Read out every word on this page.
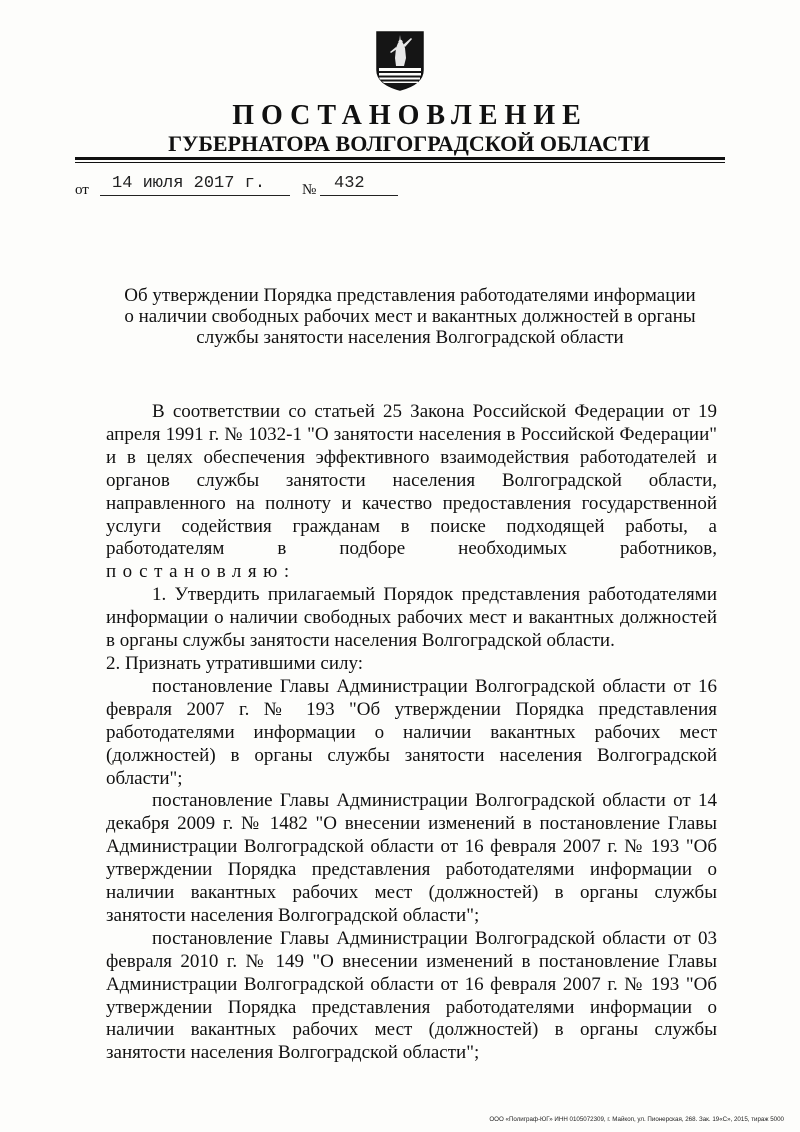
ПОСТАНОВЛЕНИЕ
ГУБЕРНАТОРА ВОЛГОГРАДСКОЙ ОБЛАСТИ
от	14 июля 2017 г.	№	432
Об утверждении Порядка представления работодателями информации
о наличии свободных рабочих мест и вакантных должностей в органы
службы занятости населения Волгоградской области

В соответствии со статьей 25 Закона Российской Федерации от 19 апреля 1991 г. № 1032-1 "О занятости населения в Российской Федерации" и в целях обеспечения эффективного взаимодействия работодателей и органов службы занятости населения Волгоградской области, направленного на полноту и качество предоставления государственной услуги содействия гражданам в поиске подходящей работы, а работодателям в подборе необходимых работников, постановляю:

1. Утвердить прилагаемый Порядок представления работодателями информации о наличии свободных рабочих мест и вакантных должностей в органы службы занятости населения Волгоградской области.

2. Признать утратившими силу:

постановление Главы Администрации Волгоградской области от 16 февраля 2007 г. № 193 "Об утверждении Порядка представления работодателями информации о наличии вакантных рабочих мест (должностей) в органы службы занятости населения Волгоградской области";

постановление Главы Администрации Волгоградской области от 14 декабря 2009 г. № 1482 "О внесении изменений в постановление Главы Администрации Волгоградской области от 16 февраля 2007 г. № 193 "Об утверждении Порядка представления работодателями информации о наличии вакантных рабочих мест (должностей) в органы службы занятости населения Волгоградской области";

постановление Главы Администрации Волгоградской области от 03 февраля 2010 г. № 149 "О внесении изменений в постановление Главы Администрации Волгоградской области от 16 февраля 2007 г. № 193 "Об утверждении Порядка представления работодателями информации о наличии вакантных рабочих мест (должностей) в органы службы занятости населения Волгоградской области";

ООО «Полиграф-ЮГ» ИНН 0105072309, г. Майкоп, ул. Пионерская, 268. Зак. 19«С», 2015, тираж 5000
